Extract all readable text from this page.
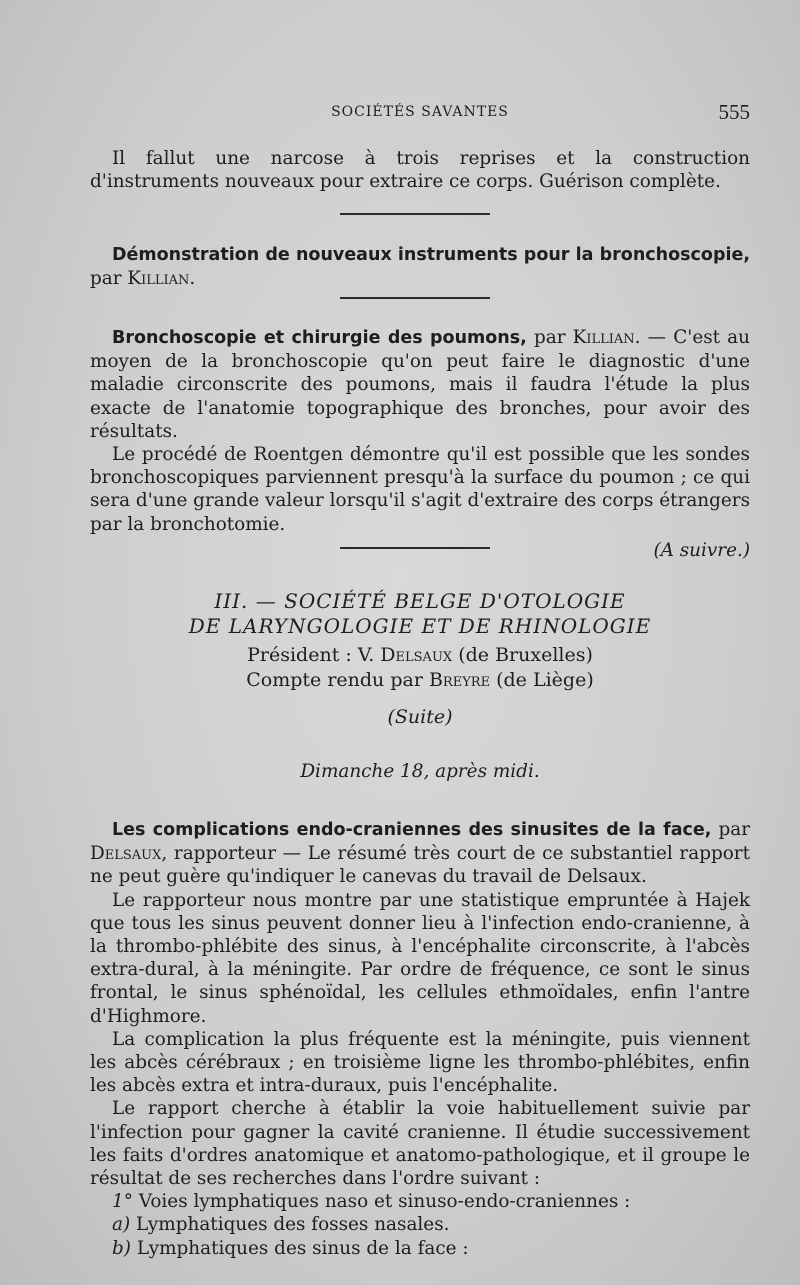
SOCIÉTÉS SAVANTES	555

Il fallut une narcose à trois reprises et la construction d'instruments nouveaux pour extraire ce corps. Guérison complète.

Démonstration de nouveaux instruments pour la bronchoscopie, par Killian.

Bronchoscopie et chirurgie des poumons, par Killian. — C'est au moyen de la bronchoscopie qu'on peut faire le diagnostic d'une maladie circonscrite des poumons, mais il faudra l'étude la plus exacte de l'anatomie topographique des bronches, pour avoir des résultats.

Le procédé de Roentgen démontre qu'il est possible que les sondes bronchoscopiques parviennent presqu'à la surface du poumon ; ce qui sera d'une grande valeur lorsqu'il s'agit d'extraire des corps étrangers par la bronchotomie.

(A suivre.)
III. — SOCIÉTÉ BELGE D'OTOLOGIE
DE LARYNGOLOGIE ET DE RHINOLOGIE
Président : V. Delsaux (de Bruxelles)
Compte rendu par Breyre (de Liège)
(Suite)
Dimanche 18, après midi.

Les complications endo-craniennes des sinusites de la face, par Delsaux, rapporteur — Le résumé très court de ce substantiel rapport ne peut guère qu'indiquer le canevas du travail de Delsaux.

Le rapporteur nous montre par une statistique empruntée à Hajek que tous les sinus peuvent donner lieu à l'infection endo-cranienne, à la thrombo-phlébite des sinus, à l'encéphalite circonscrite, à l'abcès extra-dural, à la méningite. Par ordre de fréquence, ce sont le sinus frontal, le sinus sphénoïdal, les cellules ethmoïdales, enfin l'antre d'Highmore.

La complication la plus fréquente est la méningite, puis viennent les abcès cérébraux ; en troisième ligne les thrombo-phlébites, enfin les abcès extra et intra-duraux, puis l'encéphalite.

Le rapport cherche à établir la voie habituellement suivie par l'infection pour gagner la cavité cranienne. Il étudie successivement les faits d'ordres anatomique et anatomo-pathologique, et il groupe le résultat de ses recherches dans l'ordre suivant :

1° Voies lymphatiques naso et sinuso-endo-craniennes :
a) Lymphatiques des fosses nasales.
b) Lymphatiques des sinus de la face :
